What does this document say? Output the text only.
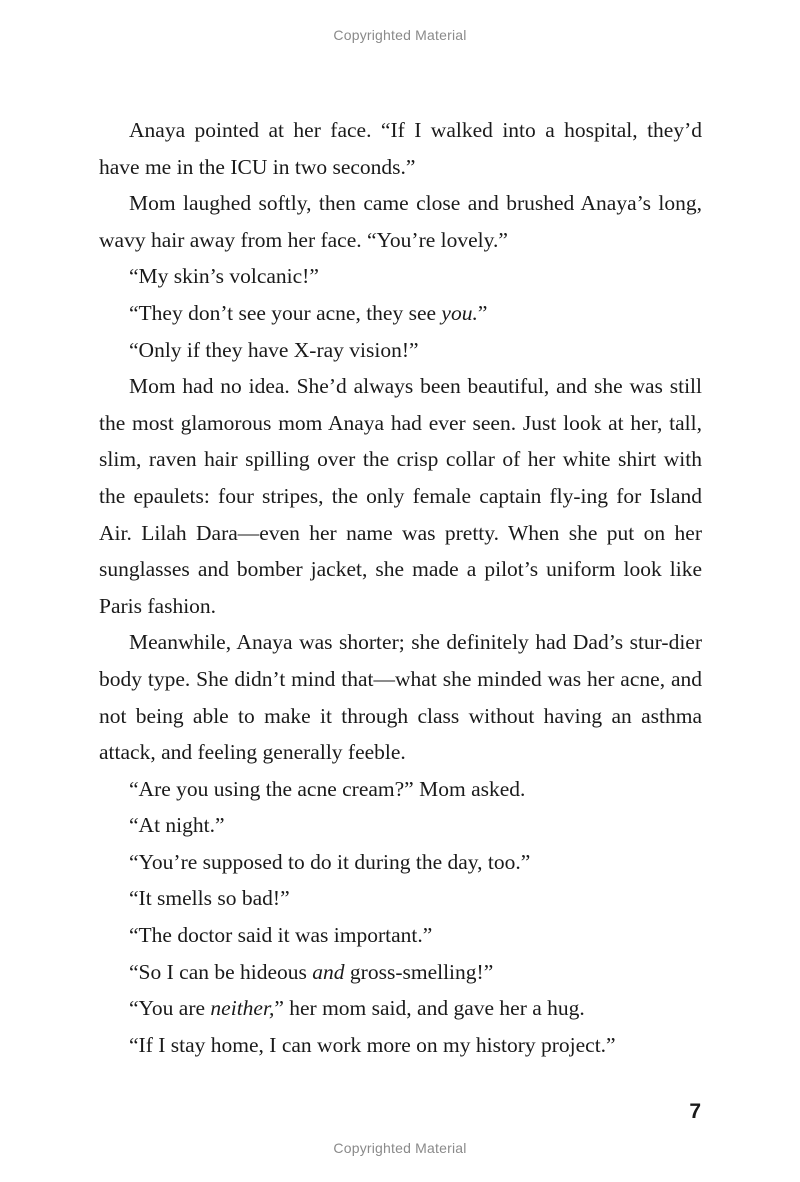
Copyrighted Material

Anaya pointed at her face. “If I walked into a hospital, they’d have me in the ICU in two seconds.”

Mom laughed softly, then came close and brushed Anaya’s long, wavy hair away from her face. “You’re lovely.”

“My skin’s volcanic!”

“They don’t see your acne, they see you.”

“Only if they have X-ray vision!”

Mom had no idea. She’d always been beautiful, and she was still the most glamorous mom Anaya had ever seen. Just look at her, tall, slim, raven hair spilling over the crisp collar of her white shirt with the epaulets: four stripes, the only female captain fly-ing for Island Air. Lilah Dara—even her name was pretty. When she put on her sunglasses and bomber jacket, she made a pilot’s uniform look like Paris fashion.

Meanwhile, Anaya was shorter; she definitely had Dad’s stur-dier body type. She didn’t mind that—what she minded was her acne, and not being able to make it through class without having an asthma attack, and feeling generally feeble.

“Are you using the acne cream?” Mom asked.

“At night.”

“You’re supposed to do it during the day, too.”

“It smells so bad!”

“The doctor said it was important.”

“So I can be hideous and gross-smelling!”

“You are neither,” her mom said, and gave her a hug.

“If I stay home, I can work more on my history project.”

7
Copyrighted Material
